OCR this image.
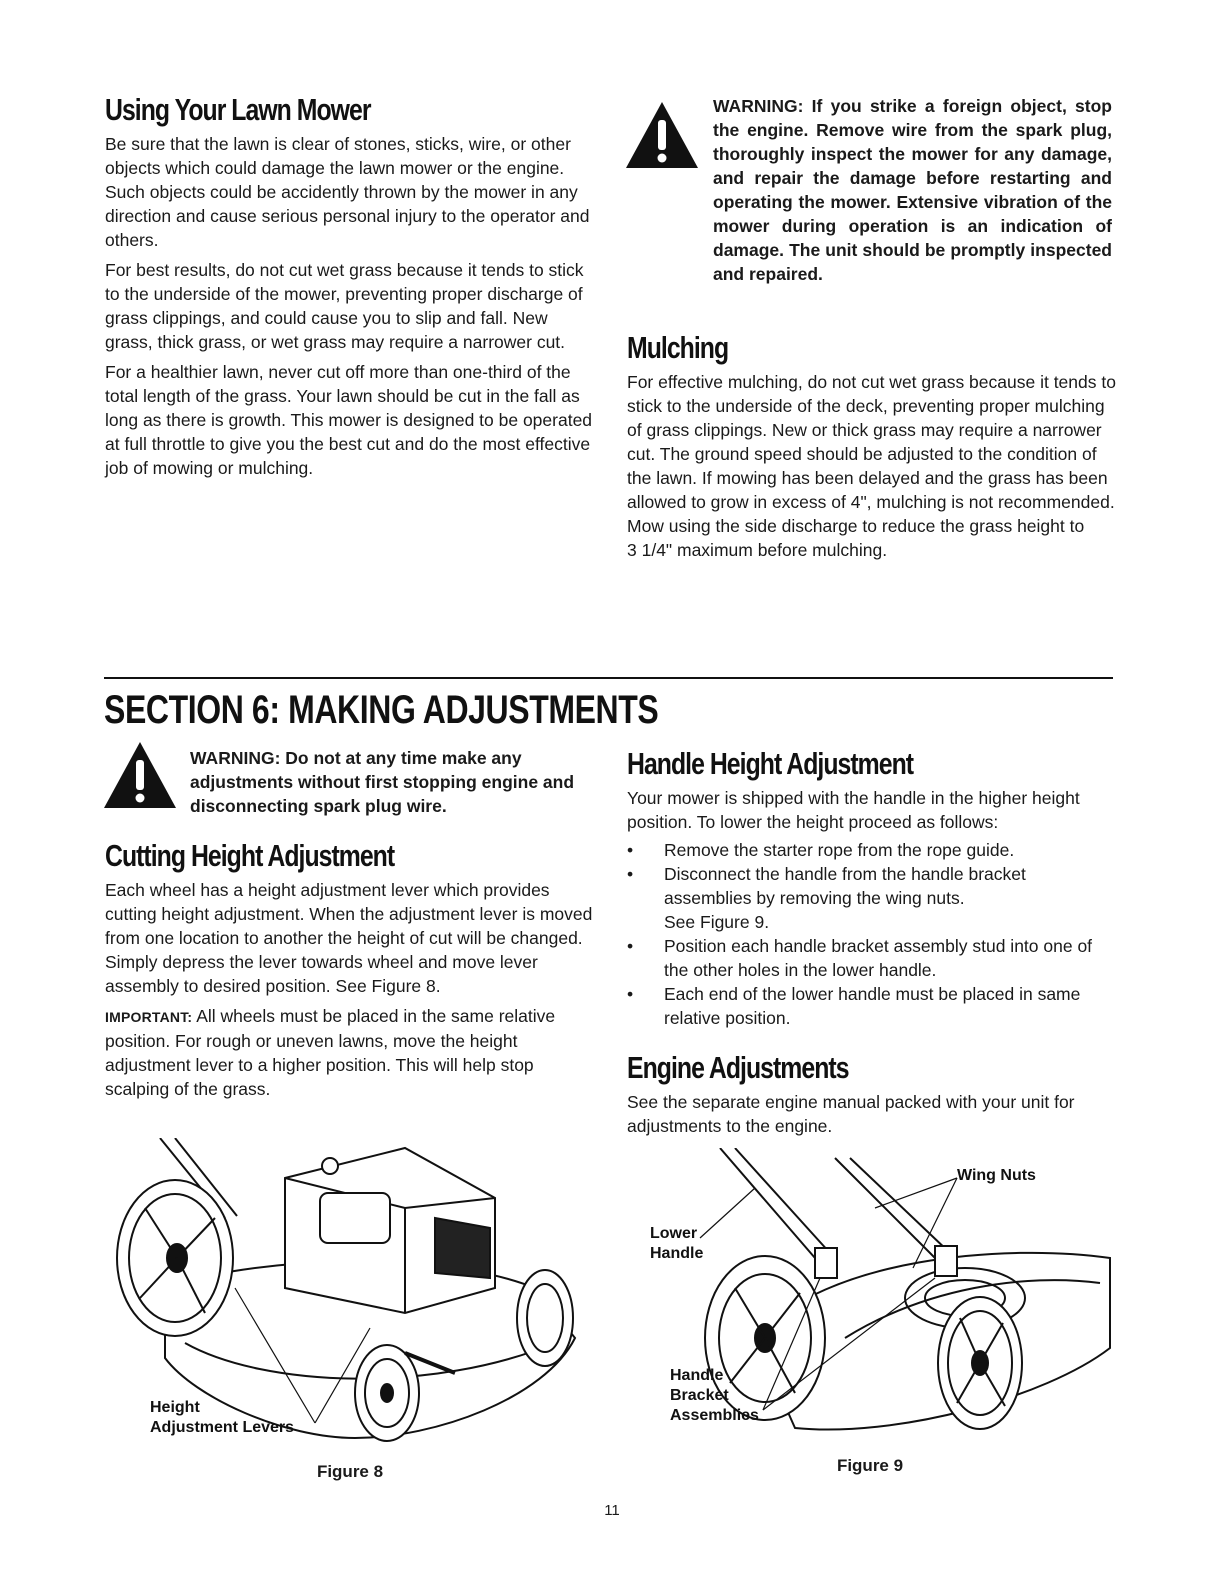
Using Your Lawn Mower

Be sure that the lawn is clear of stones, sticks, wire, or other objects which could damage the lawn mower or the engine. Such objects could be accidently thrown by the mower in any direction and cause serious personal injury to the operator and others.

For best results, do not cut wet grass because it tends to stick to the underside of the mower, preventing proper discharge of grass clippings, and could cause you to slip and fall. New grass, thick grass, or wet grass may require a narrower cut.

For a healthier lawn, never cut off more than one-third of the total length of the grass. Your lawn should be cut in the fall as long as there is growth. This mower is designed to be operated at full throttle to give you the best cut and do the most effective job of mowing or mulching.

WARNING: If you strike a foreign object, stop the engine. Remove wire from the spark plug, thoroughly inspect the mower for any damage, and repair the damage before restarting and operating the mower. Extensive vibration of the mower during operation is an indication of damage. The unit should be promptly inspected and repaired.
Mulching

For effective mulching, do not cut wet grass because it tends to stick to the underside of the deck, preventing proper mulching of grass clippings. New or thick grass may require a narrower cut. The ground speed should be adjusted to the condition of the lawn. If mowing has been delayed and the grass has been allowed to grow in excess of 4", mulching is not recommended. Mow using the side discharge to reduce the grass height to

3 1/4" maximum before mulching.

SECTION 6: MAKING ADJUSTMENTS
WARNING: Do not at any time make any adjustments without first stopping engine and disconnecting spark plug wire.
Cutting Height Adjustment

Each wheel has a height adjustment lever which provides cutting height adjustment. When the adjustment lever is moved from one location to another the height of cut will be changed. Simply depress the lever towards wheel and move lever assembly to desired position. See Figure 8.

IMPORTANT: All wheels must be placed in the same relative position. For rough or uneven lawns, move the height adjustment lever to a higher position. This will help stop scalping of the grass.

Height
Adjustment Levers
Figure 8
Handle Height Adjustment

Your mower is shipped with the handle in the higher height position. To lower the height proceed as follows:

• Remove the starter rope from the rope guide.
• Disconnect the handle from the handle bracket assemblies by removing the wing nuts.
See Figure 9.
• Position each handle bracket assembly stud into one of the other holes in the lower handle.
• Each end of the lower handle must be placed in same relative position.
Engine Adjustments

See the separate engine manual packed with your unit for adjustments to the engine.

Wing Nuts
Lower
Handle
Handle
Bracket
Assemblies
Figure 9
11
